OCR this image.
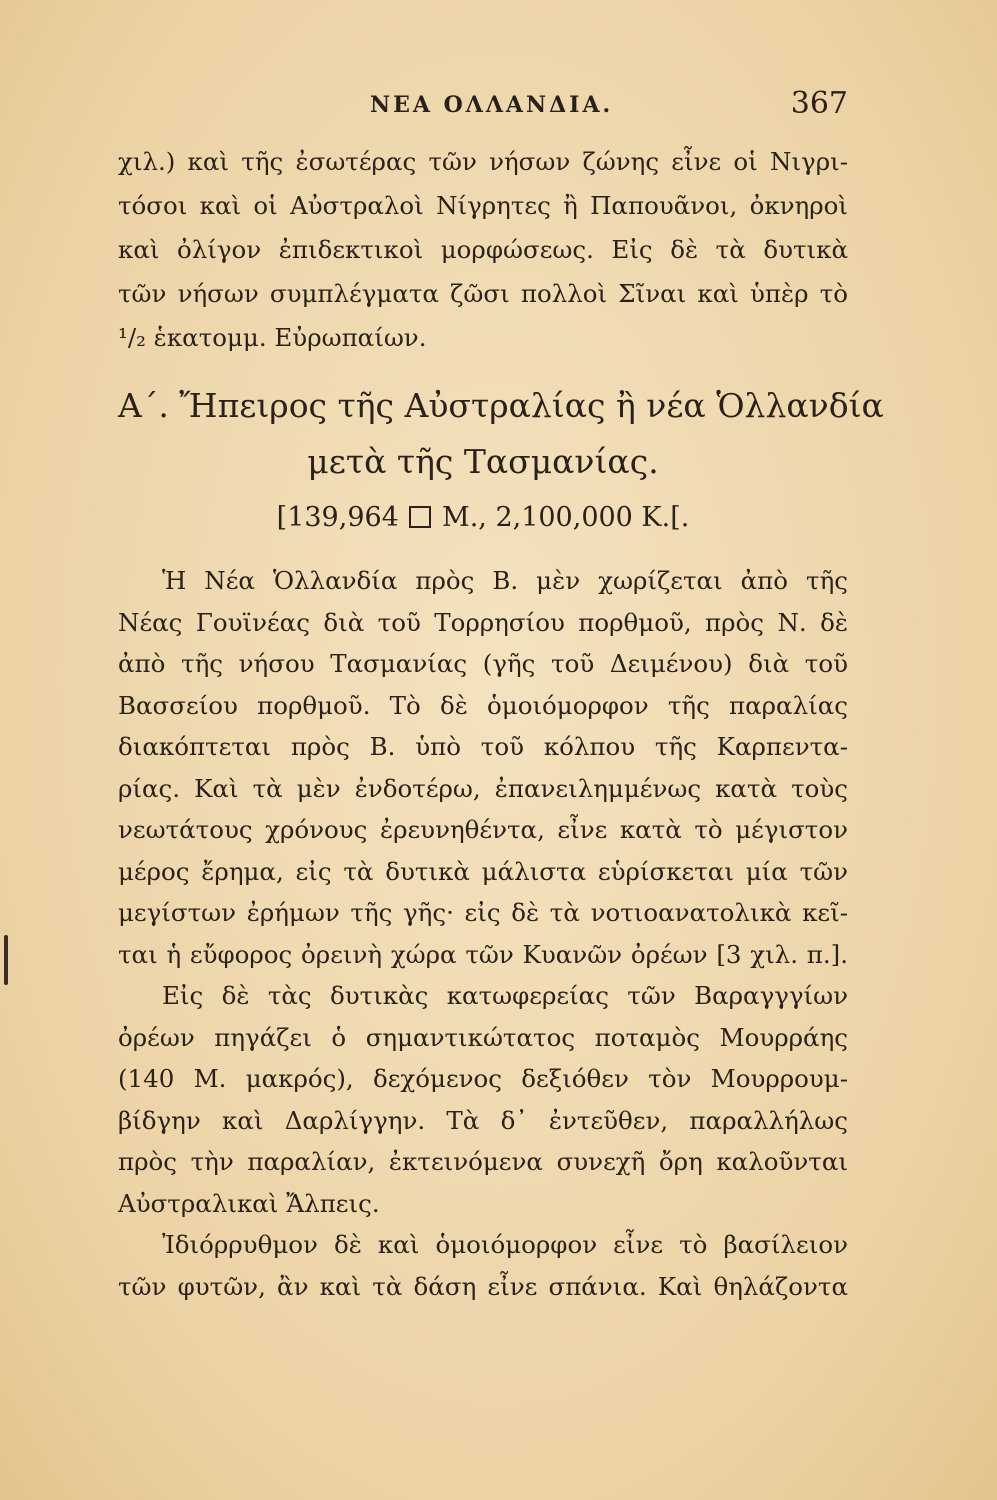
ΝΕΑ ΟΛΛΑΝΔΙΑ.	367
χιλ.) καὶ τῆς ἐσωτέρας τῶν νήσων ζώνης εἶνε οἱ Νιγρι-
τόσοι καὶ οἱ Αὐστραλοὶ Νίγρητες ἢ Παπουᾶνοι, ὀκνηροὶ
καὶ ὀλίγον ἐπιδεκτικοὶ μορφώσεως. Εἰς δὲ τὰ δυτικὰ
τῶν νήσων συμπλέγματα ζῶσι πολλοὶ Σῖναι καὶ ὑπὲρ τὸ
¹/₂ ἑκατομμ. Εὐρωπαίων.
Α΄. Ἤπειρος τῆς Αὐστραλίας ἢ νέα Ὁλλανδία
μετὰ τῆς Τασμανίας.
[139,964 Μ., 2,100,000 Κ.[.
Ἡ Νέα Ὁλλανδία πρὸς Β. μὲν χωρίζεται ἀπὸ τῆς
Νέας Γουϊνέας διὰ τοῦ Τορρησίου πορθμοῦ, πρὸς Ν. δὲ
ἀπὸ τῆς νήσου Τασμανίας (γῆς τοῦ Δειμένου) διὰ τοῦ
Βασσείου πορθμοῦ. Τὸ δὲ ὁμοιόμορφον τῆς παραλίας
διακόπτεται πρὸς Β. ὑπὸ τοῦ κόλπου τῆς Καρπεντα-
ρίας. Καὶ τὰ μὲν ἐνδοτέρω, ἐπανειλημμένως κατὰ τοὺς
νεωτάτους χρόνους ἐρευνηθέντα, εἶνε κατὰ τὸ μέγιστον
μέρος ἔρημα, εἰς τὰ δυτικὰ μάλιστα εὑρίσκεται μία τῶν
μεγίστων ἐρήμων τῆς γῆς· εἰς δὲ τὰ νοτιοανατολικὰ κεῖ-
ται ἡ εὔφορος ὀρεινὴ χώρα τῶν Κυανῶν ὀρέων [3 χιλ. π.].
Εἰς δὲ τὰς δυτικὰς κατωφερείας τῶν Βαραγγγίων
ὀρέων πηγάζει ὁ σημαντικώτατος ποταμὸς Μουρράης
(140 Μ. μακρός), δεχόμενος δεξιόθεν τὸν Μουρρουμ-
βίδγην καὶ Δαρλίγγην. Τὰ δ᾽ ἐντεῦθεν, παραλλήλως
πρὸς τὴν παραλίαν, ἐκτεινόμενα συνεχῆ ὄρη καλοῦνται
Αὐστραλικαὶ Ἄλπεις.
Ἰδιόρρυθμον δὲ καὶ ὁμοιόμορφον εἶνε τὸ βασίλειον
τῶν φυτῶν, ἂν καὶ τὰ δάση εἶνε σπάνια. Καὶ θηλάζοντα
